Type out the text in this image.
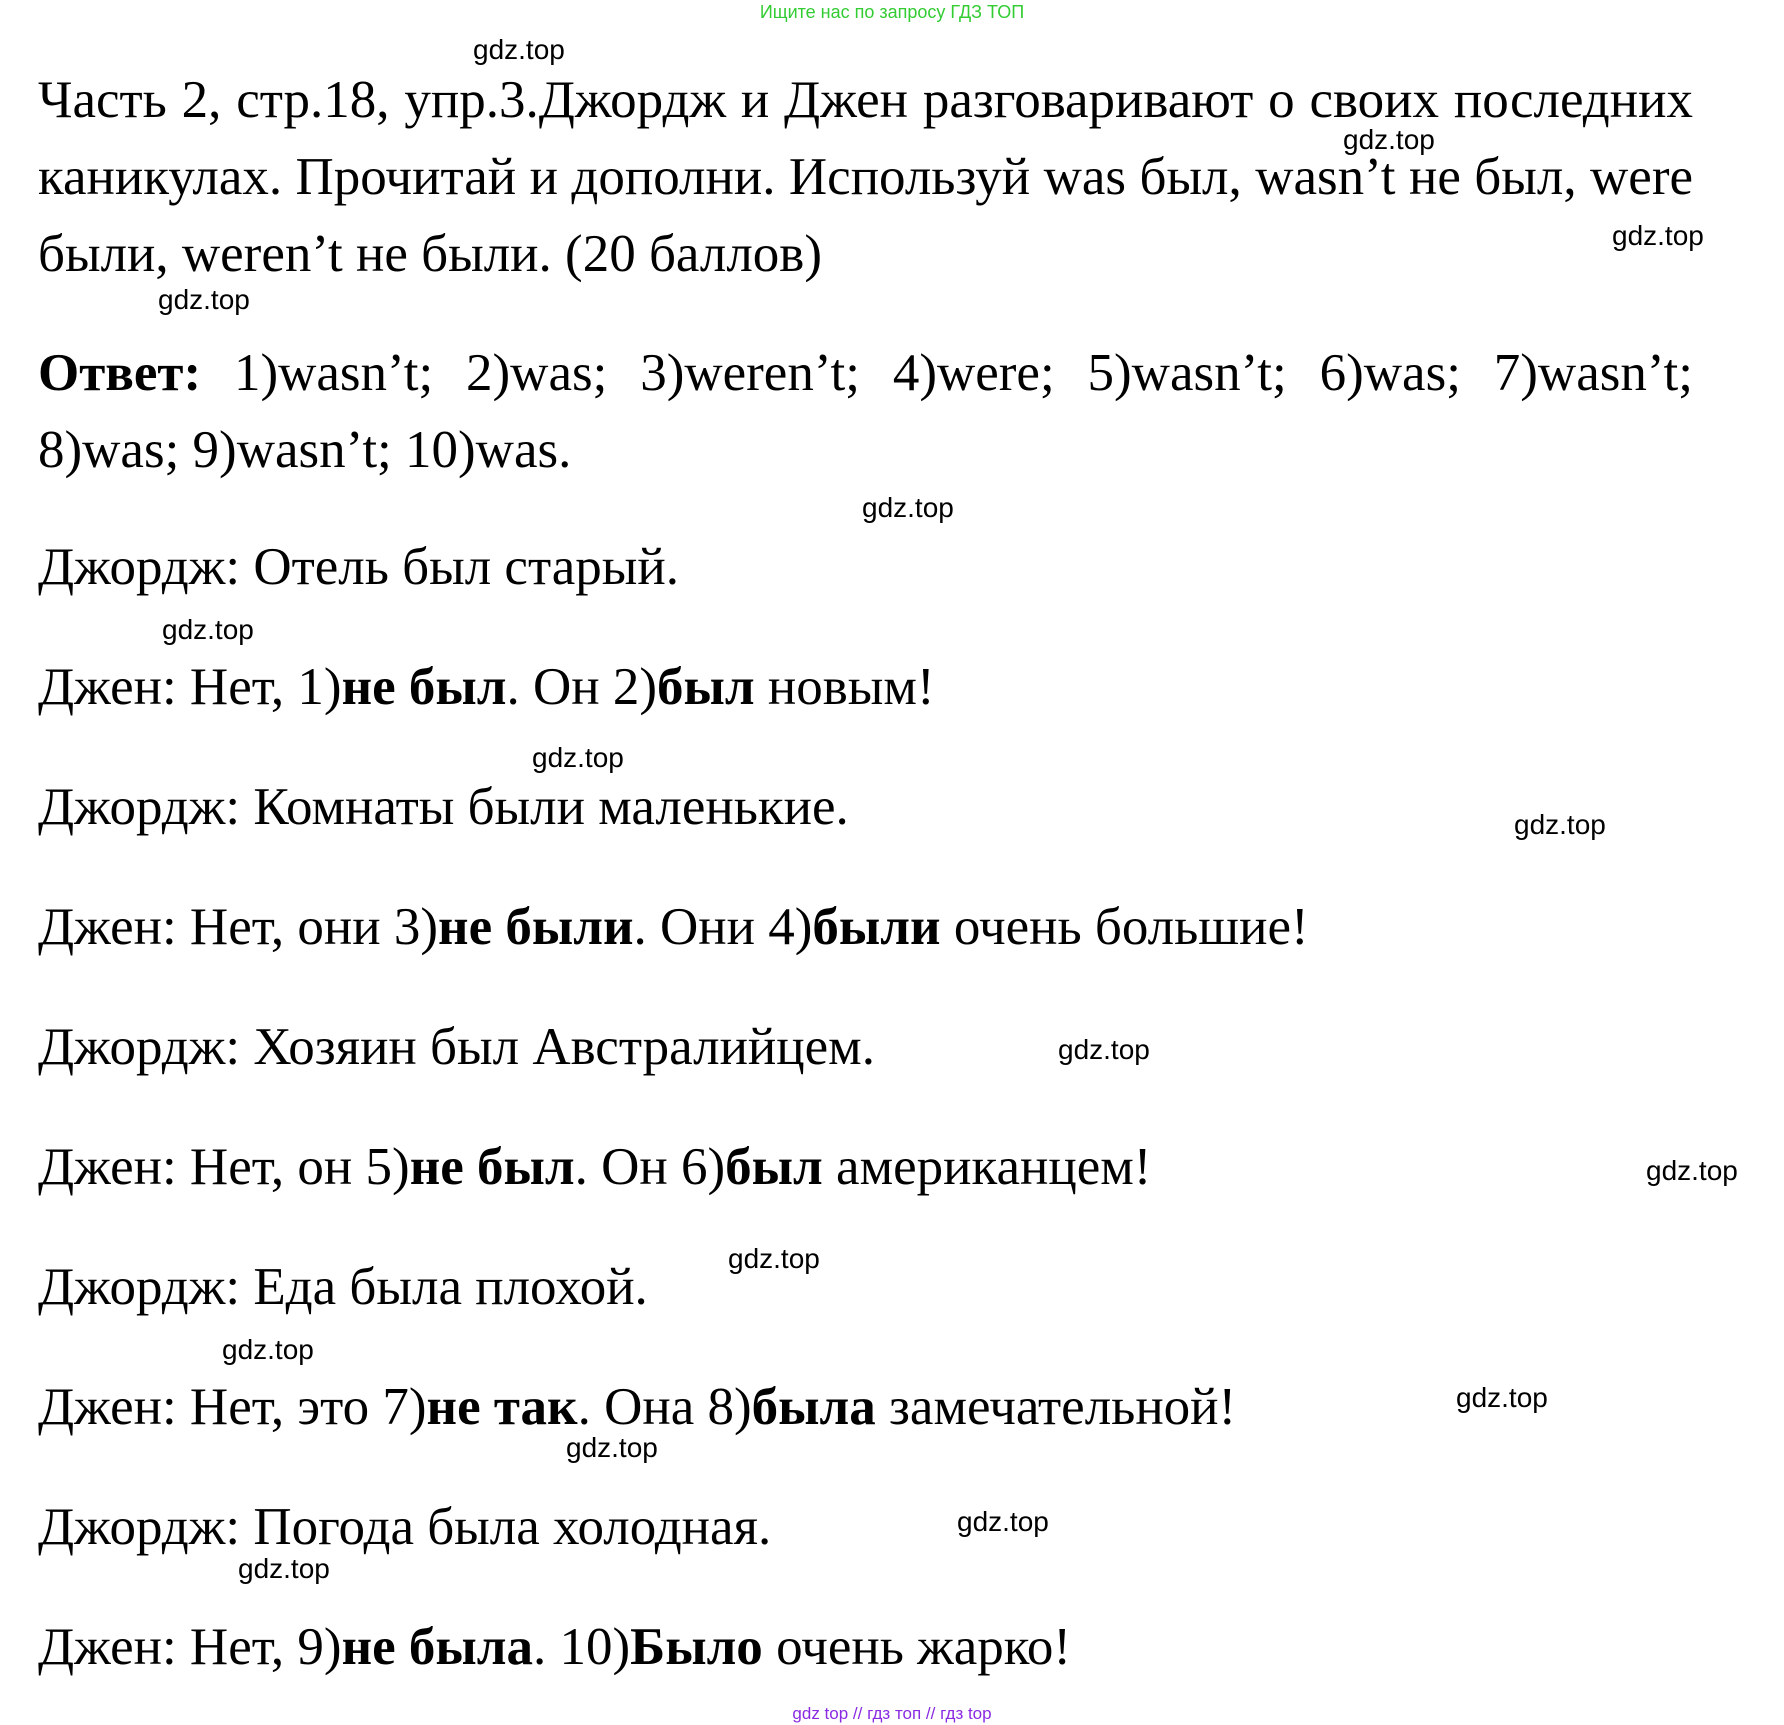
Ищите нас по запросу ГДЗ ТОП
Часть 2, стр.18, упр.3.Джордж и Джен разговаривают о своих последних каникулах. Прочитай и дополни. Используй was был, wasn’t не был, were были, weren’t не были. (20 баллов)
Ответ: 1)wasn’t; 2)was; 3)weren’t; 4)were; 5)wasn’t; 6)was; 7)wasn’t; 8)was; 9)wasn’t; 10)was.
Джордж: Отель был старый.
Джен: Нет, 1)не был. Он 2)был новым!
Джордж: Комнаты были маленькие.
Джен: Нет, они 3)не были. Они 4)были очень большие!
Джордж: Хозяин был Австралийцем.
Джен: Нет, он 5)не был. Он 6)был американцем!
Джордж: Еда была плохой.
Джен: Нет, это 7)не так. Она 8)была замечательной!
Джордж: Погода была холодная.
Джен: Нет, 9)не была. 10)Было очень жарко!
gdz.top
gdz.top
gdz.top
gdz.top
gdz.top
gdz.top
gdz.top
gdz.top
gdz.top
gdz.top
gdz.top
gdz.top
gdz.top
gdz.top
gdz.top
gdz.top
gdz top // гдз топ // гдз top
